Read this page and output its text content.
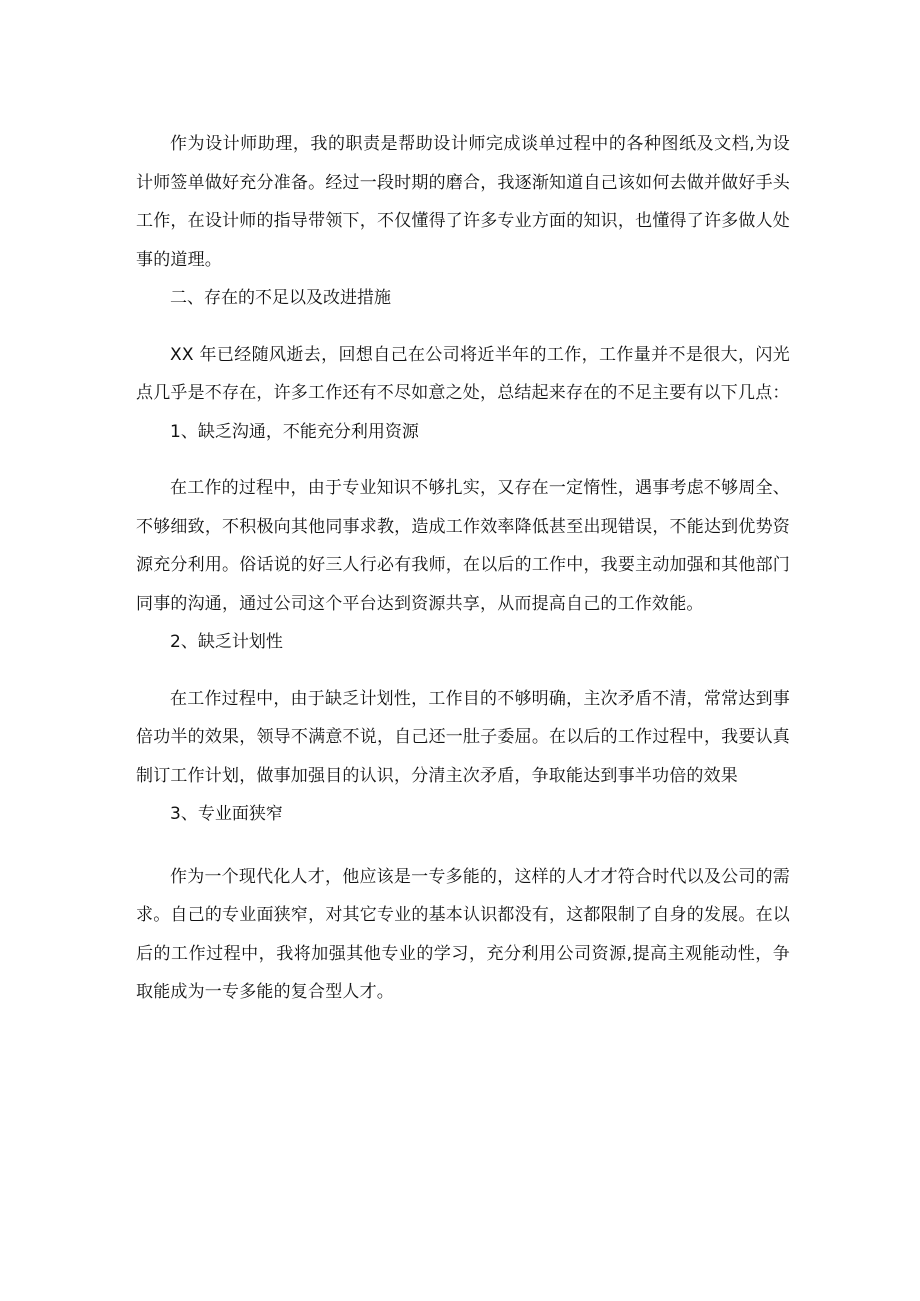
作为设计师助理，我的职责是帮助设计师完成谈单过程中的各种图纸及文档,为设计师签单做好充分准备。经过一段时期的磨合，我逐渐知道自己该如何去做并做好手头工作，在设计师的指导带领下，不仅懂得了许多专业方面的知识，也懂得了许多做人处事的道理。

二、存在的不足以及改进措施

XX 年已经随风逝去，回想自己在公司将近半年的工作，工作量并不是很大，闪光点几乎是不存在，许多工作还有不尽如意之处，总结起来存在的不足主要有以下几点：

1、缺乏沟通，不能充分利用资源

在工作的过程中，由于专业知识不够扎实，又存在一定惰性，遇事考虑不够周全、不够细致，不积极向其他同事求教，造成工作效率降低甚至出现错误，不能达到优势资源充分利用。俗话说的好三人行必有我师，在以后的工作中，我要主动加强和其他部门同事的沟通，通过公司这个平台达到资源共享，从而提高自己的工作效能。

2、缺乏计划性

在工作过程中，由于缺乏计划性，工作目的不够明确，主次矛盾不清，常常达到事倍功半的效果，领导不满意不说，自己还一肚子委屈。在以后的工作过程中，我要认真制订工作计划，做事加强目的认识，分清主次矛盾，争取能达到事半功倍的效果

3、专业面狭窄

作为一个现代化人才，他应该是一专多能的，这样的人才才符合时代以及公司的需求。自己的专业面狭窄，对其它专业的基本认识都没有，这都限制了自身的发展。在以后的工作过程中，我将加强其他专业的学习，充分利用公司资源,提高主观能动性，争取能成为一专多能的复合型人才。
